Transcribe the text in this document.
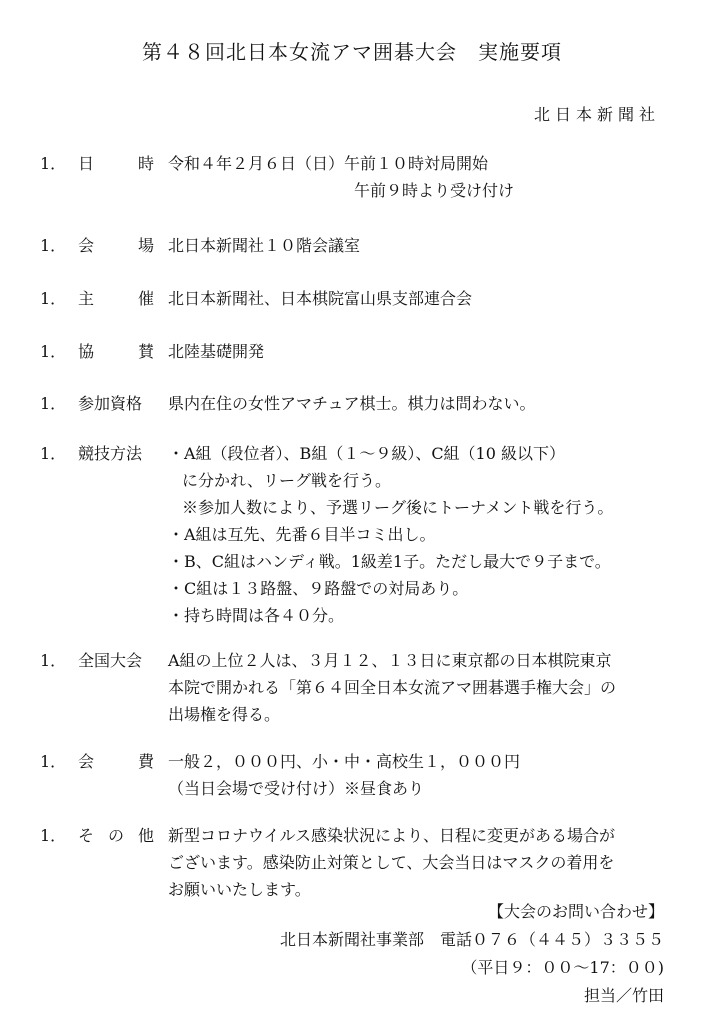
第４８回北日本女流アマ囲碁大会　実施要項
北日本新聞社
1． 日	時 令和４年２月６日（日）午前１０時対局開始
午前９時より受け付け
1． 会	場 北日本新聞社１０階会議室
1． 主	催 北日本新聞社、日本棋院富山県支部連合会
1． 協	賛 北陸基礎開発
1． 参加資格	県内在住の女性アマチュア棋士。棋力は問わない。
1． 競技方法	・A組（段位者）、B組（１～９級）、C組（10 級以下）
に分かれ、リーグ戦を行う。
※参加人数により、予選リーグ後にトーナメント戦を行う。
・A組は互先、先番６目半コミ出し。
・B、C組はハンディ戦。1級差1子。ただし最大で９子まで。
・C組は１３路盤、９路盤での対局あり。
・持ち時間は各４０分。
1． 全国大会	A組の上位２人は、３月１２、１３日に東京都の日本棋院東京
本院で開かれる「第６４回全日本女流アマ囲碁選手権大会」の
出場権を得る。
1． 会	費 一般２，０００円、小・中・高校生１，０００円
（当日会場で受け付け）※昼食あり
1． そ の 他 新型コロナウイルス感染状況により、日程に変更がある場合が
ございます。感染防止対策として、大会当日はマスクの着用を
お願いいたします。
【大会のお問い合わせ】
北日本新聞社事業部　電話０７６（４４５）３３５５
（平日９：００～17：００)
担当／竹田
